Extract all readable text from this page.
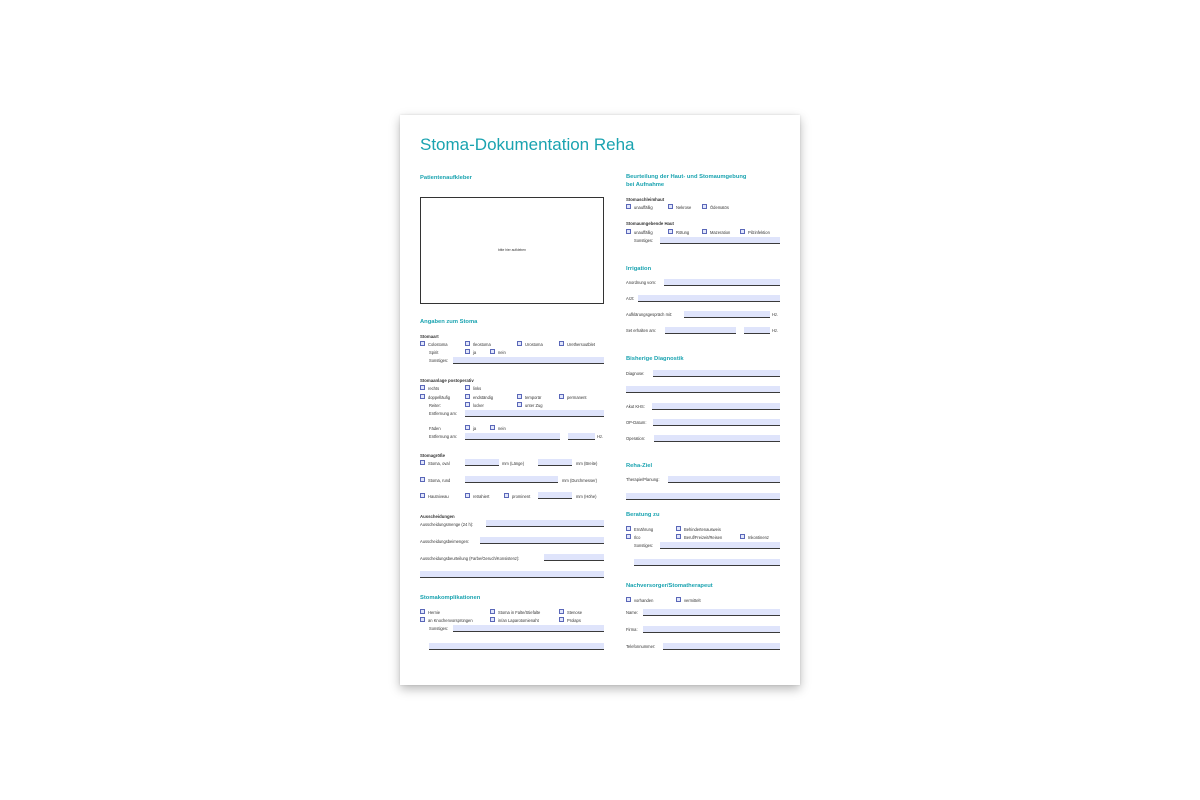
Stoma-Dokumentation Reha
Patientenaufkleber
bitte hier aufkleben
Angaben zum Stoma
Stomaart
Colostoma	Ileostoma	Urostoma	Urethersoutblet
Spirit	ja	nein
Sonstiges:
Stomaanlage postoperativ
rechts	links
doppelläufig	endständig	temporär	permanent
Reiter:	locker	unter Zug
Entfernung am:
Fäden	ja	nein
Entfernung am:	Hz.
Stomagröße
Stoma, oval	mm (Länge)	mm (Breite)
Stoma, rund	mm (Durchmesser)
Hautniveau	retrahiert	prominent	mm (Höhe)
Ausscheidungen
Ausscheidungsmenge (24 h):
Ausscheidungsbeimengen:
Ausscheidungsbeurteilung (Farbe/Geruch/Konsistenz):
Stomakomplikationen
Hernie	Stoma in Falte/Stiefalte	Stenose
an Knochenvorsprüngen	in/an Laparotomienaht	Prolaps
Sonstiges:
Beurteilung der Haut- und Stomaumgebung
bei Aufnahme
Stomaschleimhaut
unauffällig	Nekrose	Ödematös
Stomaumgebende Haut
unauffällig	Rötung	Mazeration	Pilzinfektion
Sonstiges:
Irrigation
Anordnung vom:
Arzt:
Aufklärungsgespräch mit:	Hz.
Set erhalten am:	Hz.
Bisherige Diagnostik
Diagnose:
Akut KHS:
OP-Datum:
Operation:
Reha-Ziel
Therapie/Planung:
Beratung zu
Ernährung	Behindertenausweis
Ilco	Beruf/Freizeit/Reisen	Inkontinenz
Sonstiges:
Nachversorger/Stomatherapeut
vorhanden	vermittelt
Name:
Firma:
Telefonnummer:
